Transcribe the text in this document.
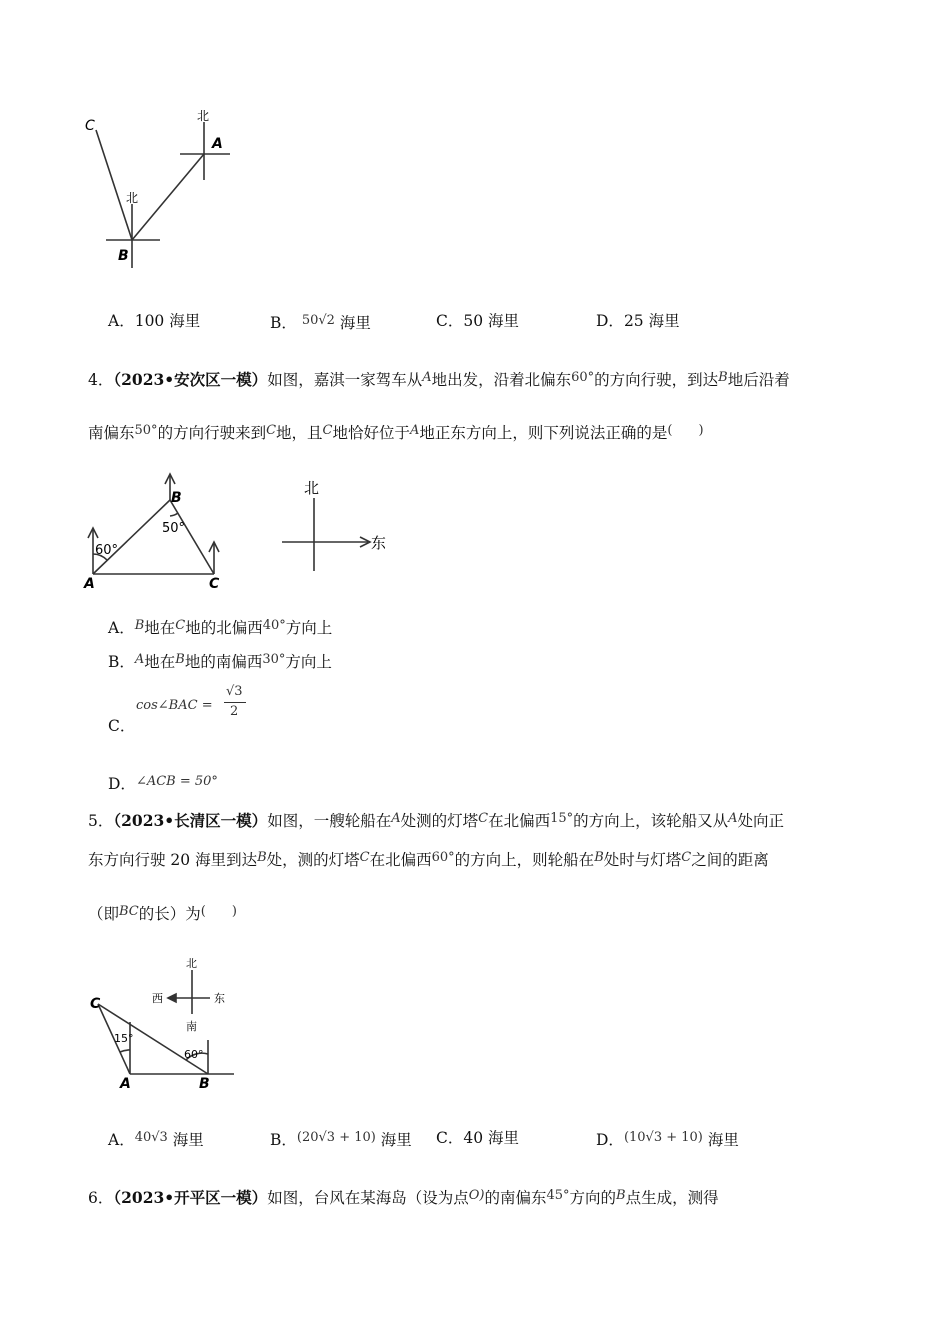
C
A
B
北
北
A．100 海里	B． $^{50√2}$ 海里	C．50 海里	D．25 海里
4．（2023•安次区一模）如图，嘉淇一家驾车从$^A$地出发，沿着北偏东$^{60^\circ}$的方向行驶，到达$^B$地后沿着
南偏东$^{50^\circ}$的方向行驶来到$^C$地，且$^C$地恰好位于$^A$地正东方向上，则下列说法正确的是(　　)
60°
50°
A
B
C
北
东
A．$^B$地在$^C$地的北偏西$^{40^\circ}$方向上
B．$^A$地在$^B$地的南偏西$^{30^\circ}$方向上
C．
cos∠BAC =
√3
2
D．$^{\angle ACB = 50^\circ}$
5．（2023•长清区一模）如图，一艘轮船在$^A$处测的灯塔$^C$在北偏西$^{15^\circ}$的方向上，该轮船又从$^A$处向正
东方向行驶 20 海里到达$^B$处，测的灯塔$^C$在北偏西$^{60^\circ}$的方向上，则轮船在$^B$处时与灯塔$^C$之间的距离
（即$^{BC}$的长）为(　　)
北
西	东
南
C
A	B
15°
60°
A．$^{40√3}$ 海里	B．$^{(20√3 + 10)}$ 海里 C．40 海里	D．$^{(10√3 + 10)}$ 海里
6．（2023•开平区一模）如图，台风在某海岛（设为点$^{O)}$的南偏东$^{45^\circ}$方向的$^B$点生成，测得
